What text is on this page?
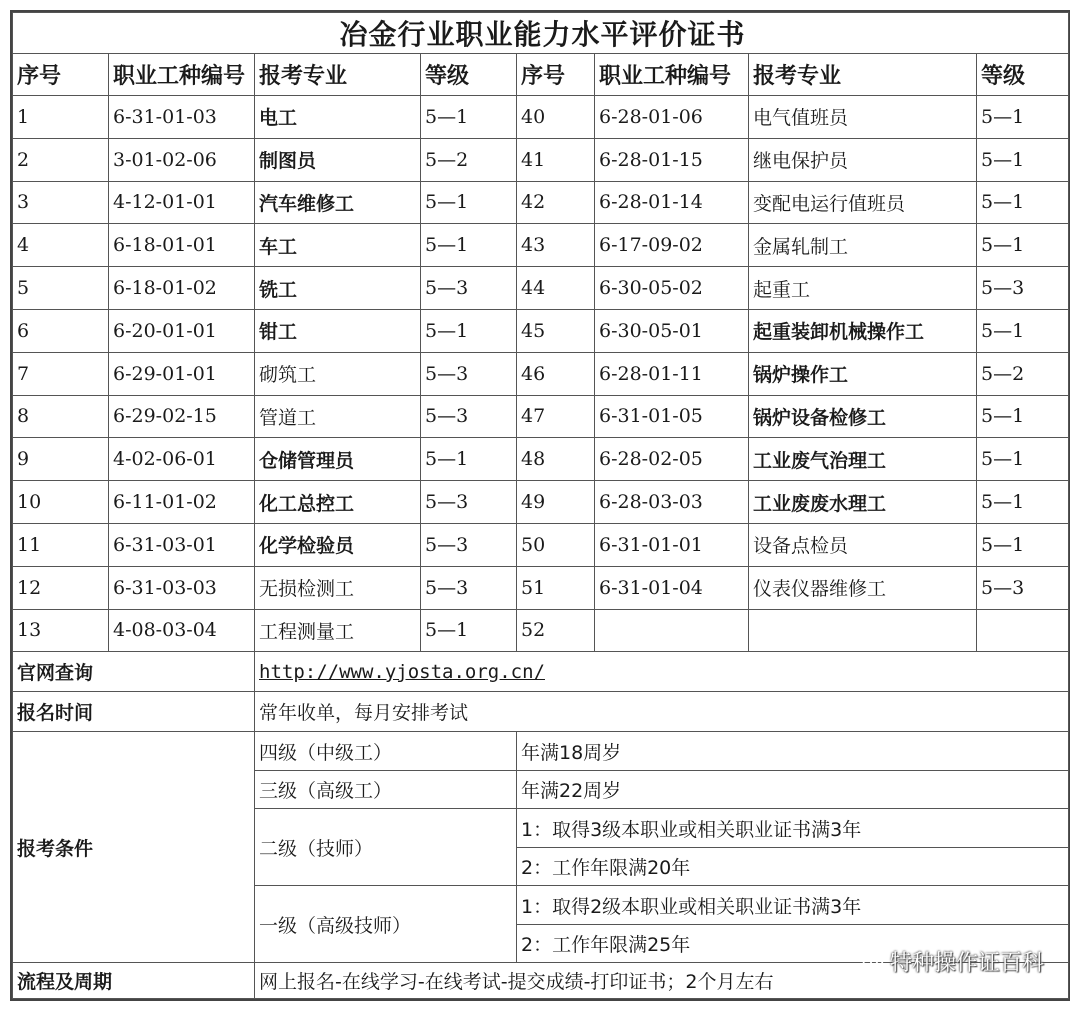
冶金行业职业能力水平评价证书							
序号	职业工种编号	报考专业	等级	序号	职业工种编号	报考专业	等级
1	6-31-01-03	电工	5—1	40	6-28-01-06	电气值班员	5—1
2	3-01-02-06	制图员	5—2	41	6-28-01-15	继电保护员	5—1
3	4-12-01-01	汽车维修工	5—1	42	6-28-01-14	变配电运行值班员	5—1
4	6-18-01-01	车工	5—1	43	6-17-09-02	金属轧制工	5—1
5	6-18-01-02	铣工	5—3	44	6-30-05-02	起重工	5—3
6	6-20-01-01	钳工	5—1	45	6-30-05-01	起重装卸机械操作工	5—1
7	6-29-01-01	砌筑工	5—3	46	6-28-01-11	锅炉操作工	5—2
8	6-29-02-15	管道工	5—3	47	6-31-01-05	锅炉设备检修工	5—1
9	4-02-06-01	仓储管理员	5—1	48	6-28-02-05	工业废气治理工	5—1
10	6-11-01-02	化工总控工	5—3	49	6-28-03-03	工业废废水理工	5—1
11	6-31-03-01	化学检验员	5—3	50	6-31-01-01	设备点检员	5—1
12	6-31-03-03	无损检测工	5—3	51	6-31-01-04	仪表仪器维修工	5—3
13	4-08-03-04	工程测量工	5—1	52			
官网查询		http://www.yjosta.org.cn/					
报名时间		常年收单，每月安排考试					
报考条件		四级（中级工）		年满18周岁			
		三级（高级工）		年满22周岁			
		二级（技师）		1：取得3级本职业或相关职业证书满3年			
				2：工作年限满20年			
		一级（高级技师）		1：取得2级本职业或相关职业证书满3年			
				2：工作年限满25年			
流程及周期		网上报名-在线学习-在线考试-提交成绩-打印证书；2个月左右					
特种操作证百科
